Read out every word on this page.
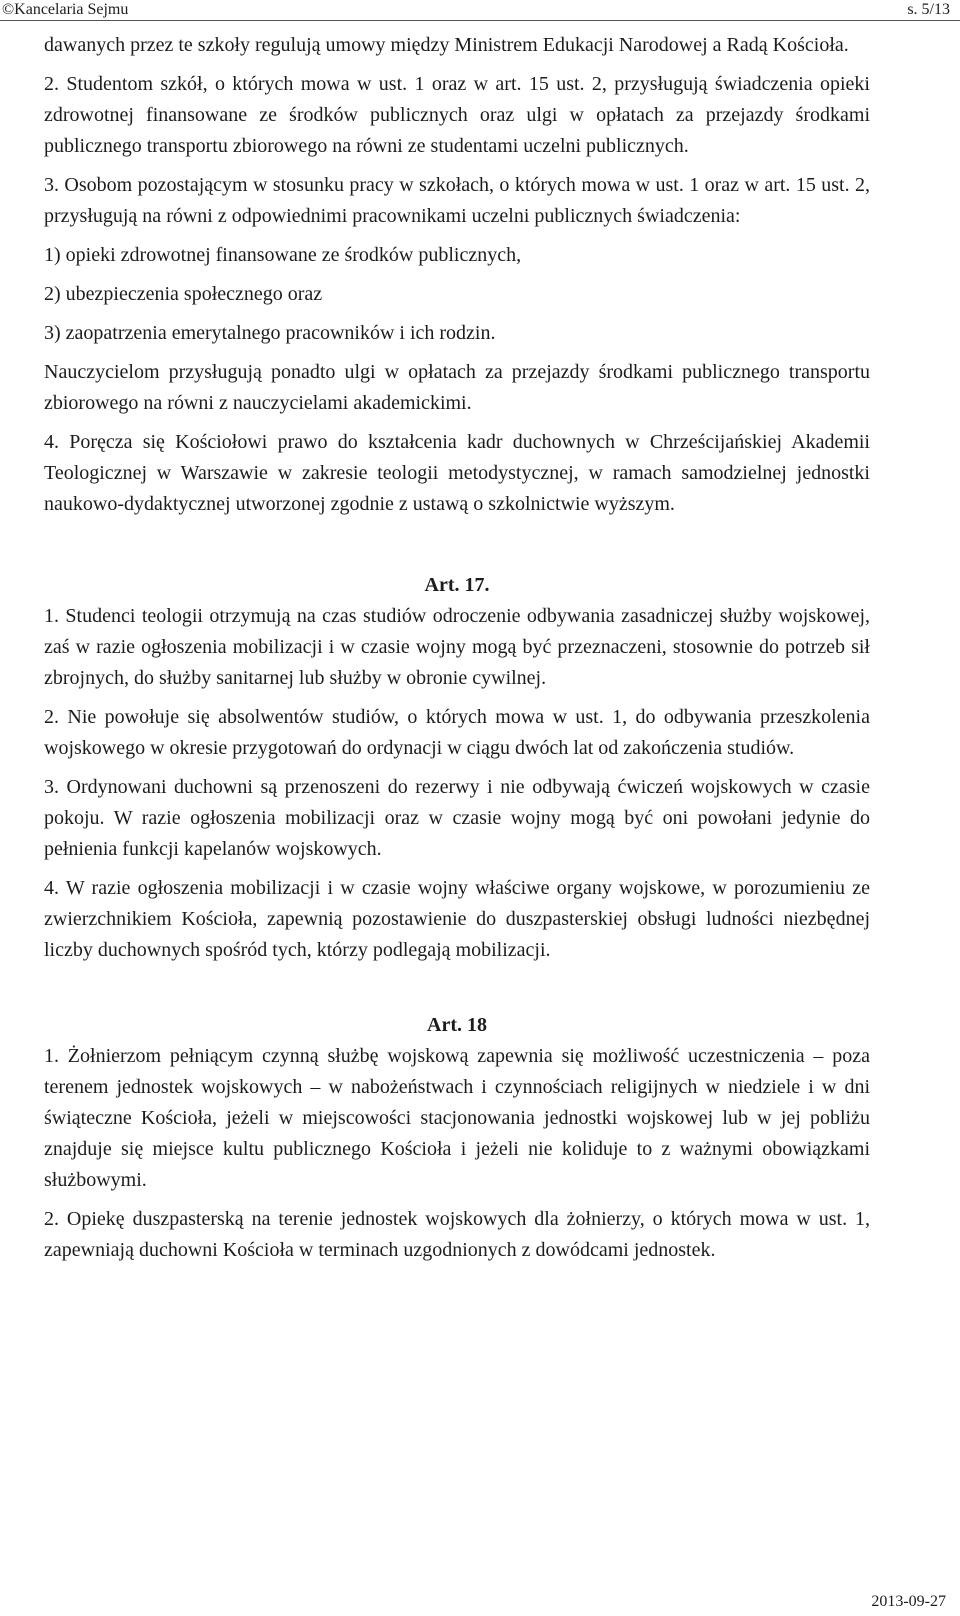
©Kancelaria Sejmu	s. 5/13

dawanych przez te szkoły regulują umowy między Ministrem Edukacji Narodowej a Radą Kościoła.

2. Studentom szkół, o których mowa w ust. 1 oraz w art. 15 ust. 2, przysługują świadczenia opieki zdrowotnej finansowane ze środków publicznych oraz ulgi w opłatach za przejazdy środkami publicznego transportu zbiorowego na równi ze studentami uczelni publicznych.

3. Osobom pozostającym w stosunku pracy w szkołach, o których mowa w ust. 1 oraz w art. 15 ust. 2, przysługują na równi z odpowiednimi pracownikami uczelni publicznych świadczenia:

1) opieki zdrowotnej finansowane ze środków publicznych,

2) ubezpieczenia społecznego oraz

3) zaopatrzenia emerytalnego pracowników i ich rodzin.

Nauczycielom przysługują ponadto ulgi w opłatach za przejazdy środkami publicznego transportu zbiorowego na równi z nauczycielami akademickimi.

4. Poręcza się Kościołowi prawo do kształcenia kadr duchownych w Chrześcijańskiej Akademii Teologicznej w Warszawie w zakresie teologii metodystycznej, w ramach samodzielnej jednostki naukowo-dydaktycznej utworzonej zgodnie z ustawą o szkolnictwie wyższym.

Art. 17.

1. Studenci teologii otrzymują na czas studiów odroczenie odbywania zasadniczej służby wojskowej, zaś w razie ogłoszenia mobilizacji i w czasie wojny mogą być przeznaczeni, stosownie do potrzeb sił zbrojnych, do służby sanitarnej lub służby w obronie cywilnej.

2. Nie powołuje się absolwentów studiów, o których mowa w ust. 1, do odbywania przeszkolenia wojskowego w okresie przygotowań do ordynacji w ciągu dwóch lat od zakończenia studiów.

3. Ordynowani duchowni są przenoszeni do rezerwy i nie odbywają ćwiczeń wojskowych w czasie pokoju. W razie ogłoszenia mobilizacji oraz w czasie wojny mogą być oni powołani jedynie do pełnienia funkcji kapelanów wojskowych.

4. W razie ogłoszenia mobilizacji i w czasie wojny właściwe organy wojskowe, w porozumieniu ze zwierzchnikiem Kościoła, zapewnią pozostawienie do duszpasterskiej obsługi ludności niezbędnej liczby duchownych spośród tych, którzy podlegają mobilizacji.

Art. 18

1. Żołnierzom pełniącym czynną służbę wojskową zapewnia się możliwość uczestniczenia – poza terenem jednostek wojskowych – w nabożeństwach i czynnościach religijnych w niedziele i w dni świąteczne Kościoła, jeżeli w miejscowości stacjonowania jednostki wojskowej lub w jej pobliżu znajduje się miejsce kultu publicznego Kościoła i jeżeli nie koliduje to z ważnymi obowiązkami służbowymi.

2. Opiekę duszpasterską na terenie jednostek wojskowych dla żołnierzy, o których mowa w ust. 1, zapewniają duchowni Kościoła w terminach uzgodnionych z dowódcami jednostek.

2013-09-27
